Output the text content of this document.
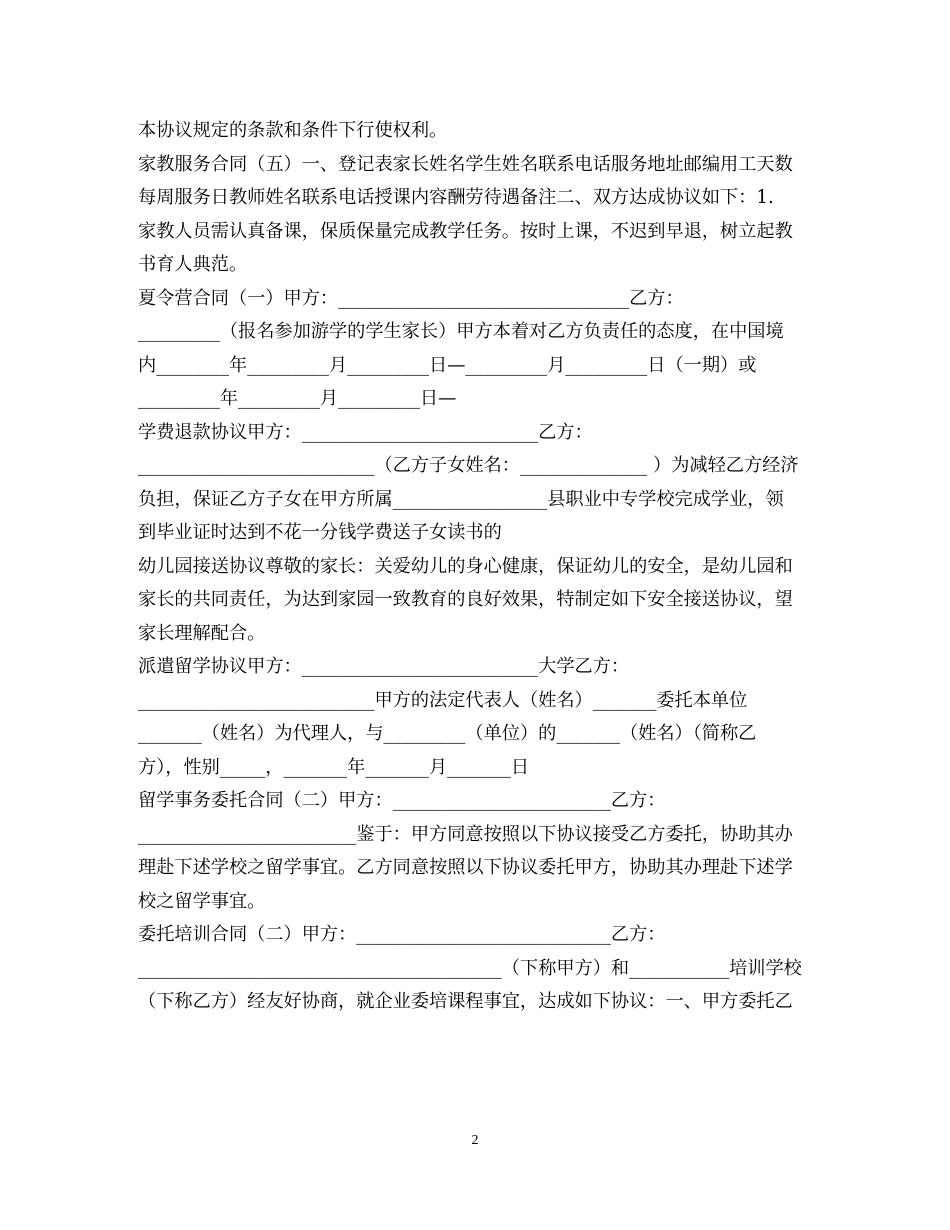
本协议规定的条款和条件下行使权利。
家教服务合同（五）一、登记表家长姓名学生姓名联系电话服务地址邮编用工天数
每周服务日教师姓名联系电话授课内容酬劳待遇备注二、双方达成协议如下：1.
家教人员需认真备课，保质保量完成教学任务。按时上课，不迟到早退，树立起教
书育人典范。
夏令营合同（一）甲方：________________________________乙方：
_________（报名参加游学的学生家长）甲方本着对乙方负责任的态度，在中国境
内________年_________月_________日—_________月_________日（一期）或
_________年_________月_________日—
学费退款协议甲方：__________________________乙方：
__________________________（乙方子女姓名：______________ ）为减轻乙方经济
负担，保证乙方子女在甲方所属_________________县职业中专学校完成学业，领
到毕业证时达到不花一分钱学费送子女读书的
幼儿园接送协议尊敬的家长：关爱幼儿的身心健康，保证幼儿的安全，是幼儿园和
家长的共同责任，为达到家园一致教育的良好效果，特制定如下安全接送协议，望
家长理解配合。
派遣留学协议甲方：__________________________大学乙方：
__________________________甲方的法定代表人（姓名）_______委托本单位
_______（姓名）为代理人，与_________（单位）的_______（姓名）（简称乙
方），性别_____，_______年_______月_______日
留学事务委托合同（二）甲方：________________________乙方：
________________________鉴于：甲方同意按照以下协议接受乙方委托，协助其办
理赴下述学校之留学事宜。乙方同意按照以下协议委托甲方，协助其办理赴下述学
校之留学事宜。
委托培训合同（二）甲方：____________________________乙方：
________________________________________（下称甲方）和___________培训学校
（下称乙方）经友好协商，就企业委培课程事宜，达成如下协议：一、甲方委托乙
2
